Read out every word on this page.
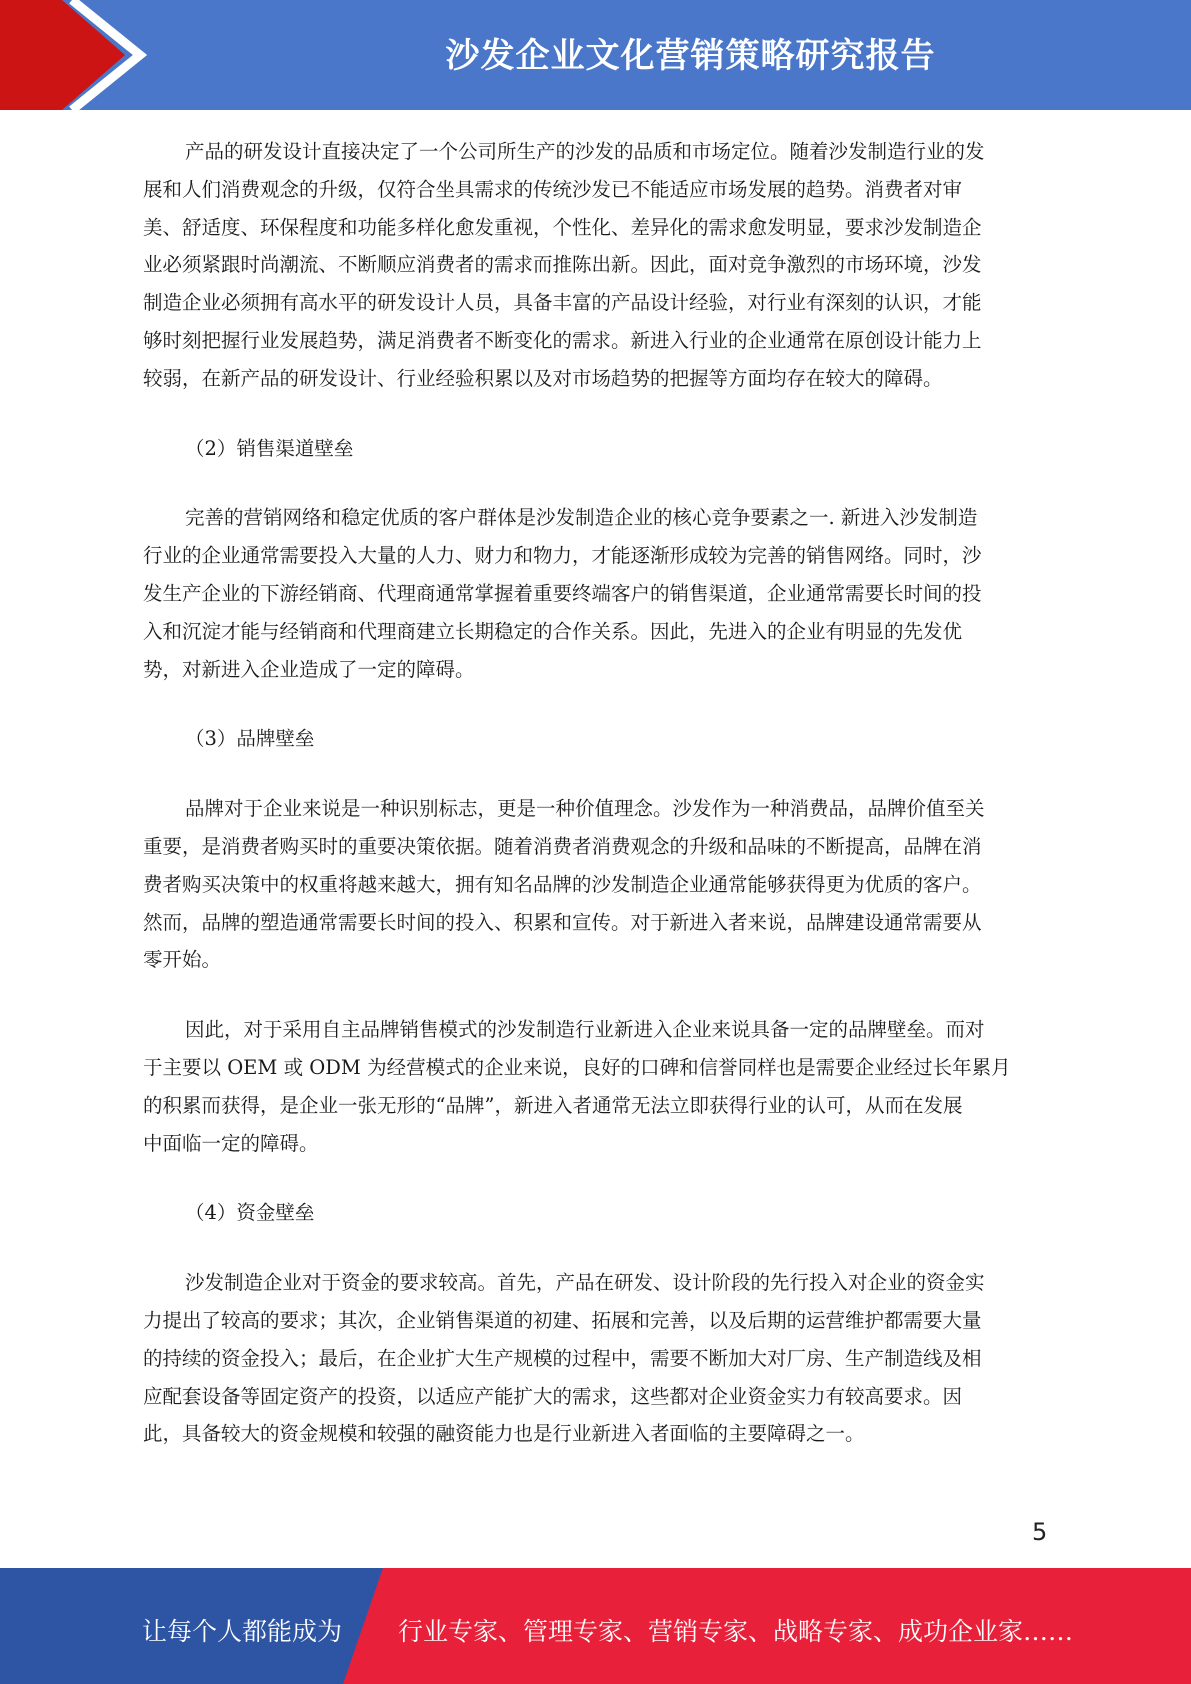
沙发企业文化营销策略研究报告
产品的研发设计直接决定了一个公司所生产的沙发的品质和市场定位。随着沙发制造行业的发
展和人们消费观念的升级，仅符合坐具需求的传统沙发已不能适应市场发展的趋势。消费者对审
美、舒适度、环保程度和功能多样化愈发重视，个性化、差异化的需求愈发明显，要求沙发制造企
业必须紧跟时尚潮流、不断顺应消费者的需求而推陈出新。因此，面对竞争激烈的市场环境，沙发
制造企业必须拥有高水平的研发设计人员，具备丰富的产品设计经验，对行业有深刻的认识，才能
够时刻把握行业发展趋势，满足消费者不断变化的需求。新进入行业的企业通常在原创设计能力上
较弱，在新产品的研发设计、行业经验积累以及对市场趋势的把握等方面均存在较大的障碍。

（2）销售渠道壁垒

完善的营销网络和稳定优质的客户群体是沙发制造企业的核心竞争要素之一. 新进入沙发制造
行业的企业通常需要投入大量的人力、财力和物力，才能逐渐形成较为完善的销售网络。同时，沙
发生产企业的下游经销商、代理商通常掌握着重要终端客户的销售渠道，企业通常需要长时间的投
入和沉淀才能与经销商和代理商建立长期稳定的合作关系。因此，先进入的企业有明显的先发优
势，对新进入企业造成了一定的障碍。

（3）品牌壁垒

品牌对于企业来说是一种识别标志，更是一种价值理念。沙发作为一种消费品，品牌价值至关
重要，是消费者购买时的重要决策依据。随着消费者消费观念的升级和品味的不断提高，品牌在消
费者购买决策中的权重将越来越大，拥有知名品牌的沙发制造企业通常能够获得更为优质的客户。
然而，品牌的塑造通常需要长时间的投入、积累和宣传。对于新进入者来说，品牌建设通常需要从
零开始。
因此，对于采用自主品牌销售模式的沙发制造行业新进入企业来说具备一定的品牌壁垒。而对
于主要以 OEM 或 ODM 为经营模式的企业来说，良好的口碑和信誉同样也是需要企业经过长年累月
的积累而获得，是企业一张无形的“品牌”，新进入者通常无法立即获得行业的认可，从而在发展
中面临一定的障碍。

（4）资金壁垒

沙发制造企业对于资金的要求较高。首先，产品在研发、设计阶段的先行投入对企业的资金实
力提出了较高的要求；其次，企业销售渠道的初建、拓展和完善，以及后期的运营维护都需要大量
的持续的资金投入；最后，在企业扩大生产规模的过程中，需要不断加大对厂房、生产制造线及相
应配套设备等固定资产的投资，以适应产能扩大的需求，这些都对企业资金实力有较高要求。因
此，具备较大的资金规模和较强的融资能力也是行业新进入者面临的主要障碍之一。
5
让每个人都能成为 行业专家、管理专家、营销专家、战略专家、成功企业家……
